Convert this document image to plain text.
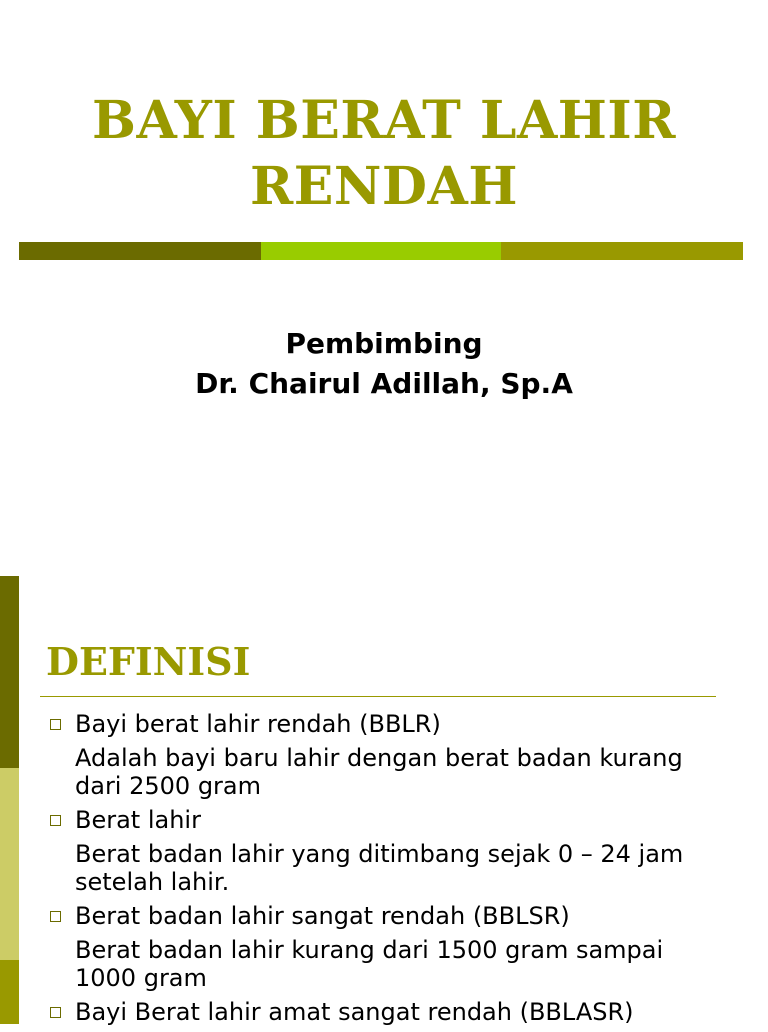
BAYI BERAT LAHIR
RENDAH
Pembimbing
Dr. Chairul Adillah, Sp.A
DEFINISI
Bayi berat lahir rendah (BBLR)
Adalah bayi baru lahir dengan berat badan kurang dari 2500 gram
Berat lahir
Berat badan lahir yang ditimbang sejak 0 – 24 jam setelah lahir.
Berat badan lahir sangat rendah (BBLSR)
Berat badan lahir kurang dari 1500 gram sampai 1000 gram
Bayi Berat lahir amat sangat rendah (BBLASR)
